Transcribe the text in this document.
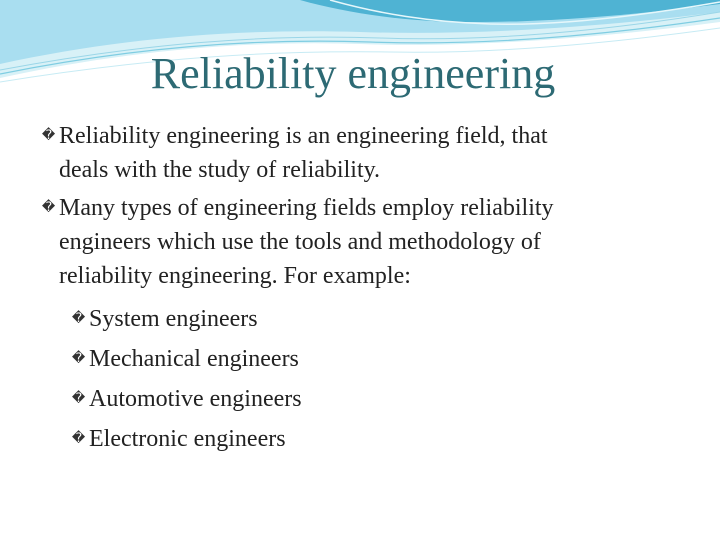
Reliability engineering
� Reliability engineering is an engineering field, that
deals with the study of reliability.
� Many types of engineering fields employ reliability
engineers which use the tools and methodology of
reliability engineering. For example:
� System engineers
� Mechanical engineers
� Automotive engineers
� Electronic engineers
